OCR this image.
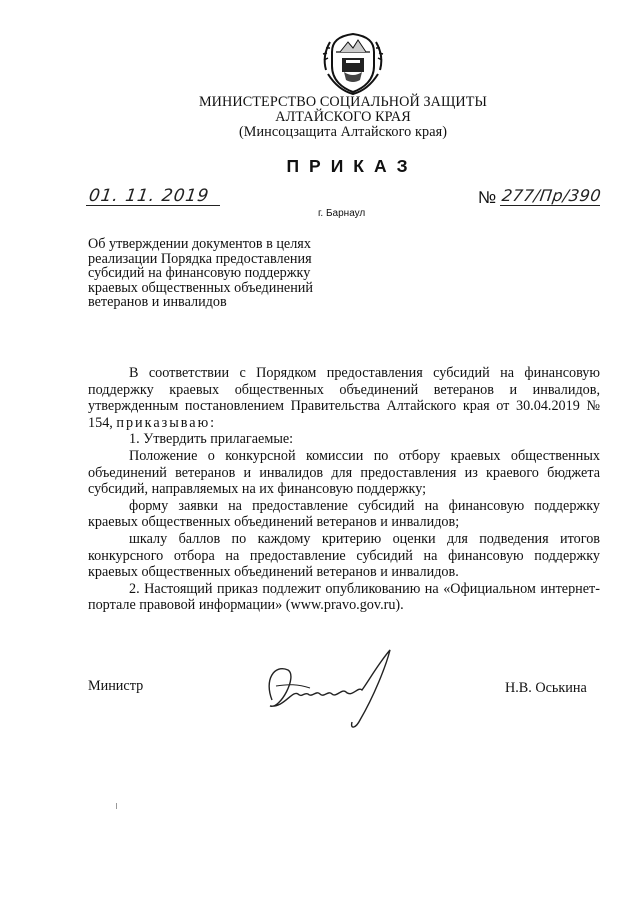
МИНИСТЕРСТВО СОЦИАЛЬНОЙ ЗАЩИТЫ
АЛТАЙСКОГО КРАЯ
(Минсоцзащита Алтайского края)
ПРИКАЗ
01. 11. 2019	№ 277/Пр/390
г. Барнаул
Об утверждении документов в целях
реализации Порядка предоставления
субсидий на финансовую поддержку
краевых общественных объединений
ветеранов и инвалидов

В соответствии с Порядком предоставления субсидий на финансовую поддержку краевых общественных объединений ветеранов и инвалидов, утвержденным постановлением Правительства Алтайского края от 30.04.2019 № 154, приказываю:

1. Утвердить прилагаемые:

Положение о конкурсной комиссии по отбору краевых общественных объединений ветеранов и инвалидов для предоставления из краевого бюджета субсидий, направляемых на их финансовую поддержку;

форму заявки на предоставление субсидий на финансовую поддержку краевых общественных объединений ветеранов и инвалидов;

шкалу баллов по каждому критерию оценки для подведения итогов конкурсного отбора на предоставление субсидий на финансовую поддержку краевых общественных объединений ветеранов и инвалидов.

2. Настоящий приказ подлежит опубликованию на «Официальном интернет-портале правовой информации» (www.pravo.gov.ru).

Министр	Н.В. Оськина
